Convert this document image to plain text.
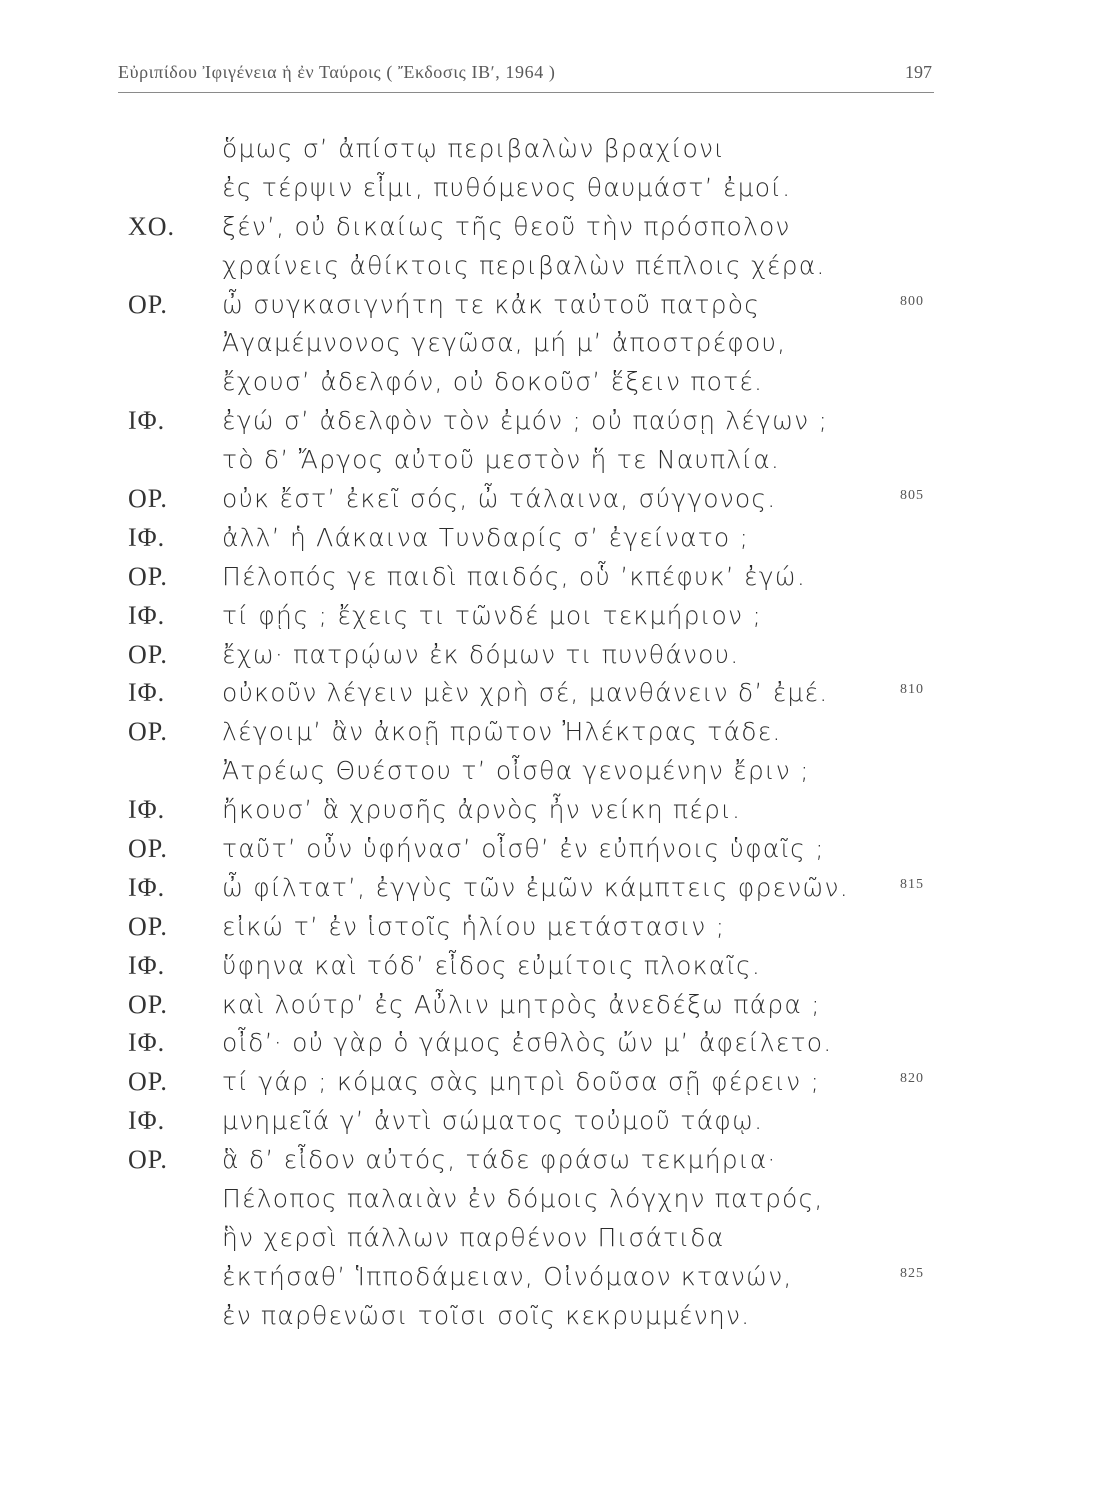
Εὐριπίδου Ἰφιγένεια ἡ ἐν Ταύροις ( Ἔκδοσις ΙΒʹ, 1964 )	197
ὅμως σʼ ἀπίστῳ περιβαλὼν βραχίονι
ἐς τέρψιν εἶμι, πυθόμενος θαυμάστʼ ἐμοί.
ΧΟ. ξένʼ, οὐ δικαίως τῆς θεοῦ τὴν πρόσπολον
χραίνεις ἀθίκτοις περιβαλὼν πέπλοις χέρα.
ΟΡ. ὦ συγκασιγνήτη τε κἀκ ταὐτοῦ πατρὸς	800
Ἀγαμέμνονος γεγῶσα, μή μʼ ἀποστρέφου,
ἔχουσʼ ἀδελφόν, οὐ δοκοῦσʼ ἕξειν ποτέ.
ΙΦ. ἐγώ σʼ ἀδελφὸν τὸν ἐμόν ; οὐ παύσῃ λέγων ;
τὸ δʼ Ἄργος αὐτοῦ μεστὸν ἥ τε Ναυπλία.
ΟΡ. οὐκ ἔστʼ ἐκεῖ σός, ὦ τάλαινα, σύγγονος.	805
ΙΦ. ἀλλʼ ἡ Λάκαινα Τυνδαρίς σʼ ἐγείνατο ;
ΟΡ. Πέλοπός γε παιδὶ παιδός, οὗ ʼκπέφυκʼ ἐγώ.
ΙΦ. τί φῄς ; ἔχεις τι τῶνδέ μοι τεκμήριον ;
ΟΡ. ἔχω· πατρῴων ἐκ δόμων τι πυνθάνου.
ΙΦ. οὐκοῦν λέγειν μὲν χρὴ σέ, μανθάνειν δʼ ἐμέ.	810
ΟΡ. λέγοιμʼ ἂν ἀκοῇ πρῶτον Ἠλέκτρας τάδε.
Ἀτρέως Θυέστου τʼ οἶσθα γενομένην ἔριν ;
ΙΦ. ἤκουσʼ ἃ χρυσῆς ἀρνὸς ἦν νείκη πέρι.
ΟΡ. ταῦτʼ οὖν ὑφήνασʼ οἶσθʼ ἐν εὐπήνοις ὑφαῖς ;
ΙΦ. ὦ φίλτατʼ, ἐγγὺς τῶν ἐμῶν κάμπτεις φρενῶν.	815
ΟΡ. εἰκώ τʼ ἐν ἱστοῖς ἡλίου μετάστασιν ;
ΙΦ. ὕφηνα καὶ τόδʼ εἶδος εὐμίτοις πλοκαῖς.
ΟΡ. καὶ λούτρʼ ἐς Αὖλιν μητρὸς ἀνεδέξω πάρα ;
ΙΦ. οἶδʼ· οὐ γὰρ ὁ γάμος ἐσθλὸς ὤν μʼ ἀφείλετο.
ΟΡ. τί γάρ ; κόμας σὰς μητρὶ δοῦσα σῇ φέρειν ;	820
ΙΦ. μνημεῖά γʼ ἀντὶ σώματος τοὐμοῦ τάφῳ.
ΟΡ. ἃ δʼ εἶδον αὐτός, τάδε φράσω τεκμήρια·
Πέλοπος παλαιὰν ἐν δόμοις λόγχην πατρός,
ἣν χερσὶ πάλλων παρθένον Πισάτιδα
ἐκτήσαθʼ Ἱπποδάμειαν, Οἰνόμαον κτανών,	825
ἐν παρθενῶσι τοῖσι σοῖς κεκρυμμένην.
